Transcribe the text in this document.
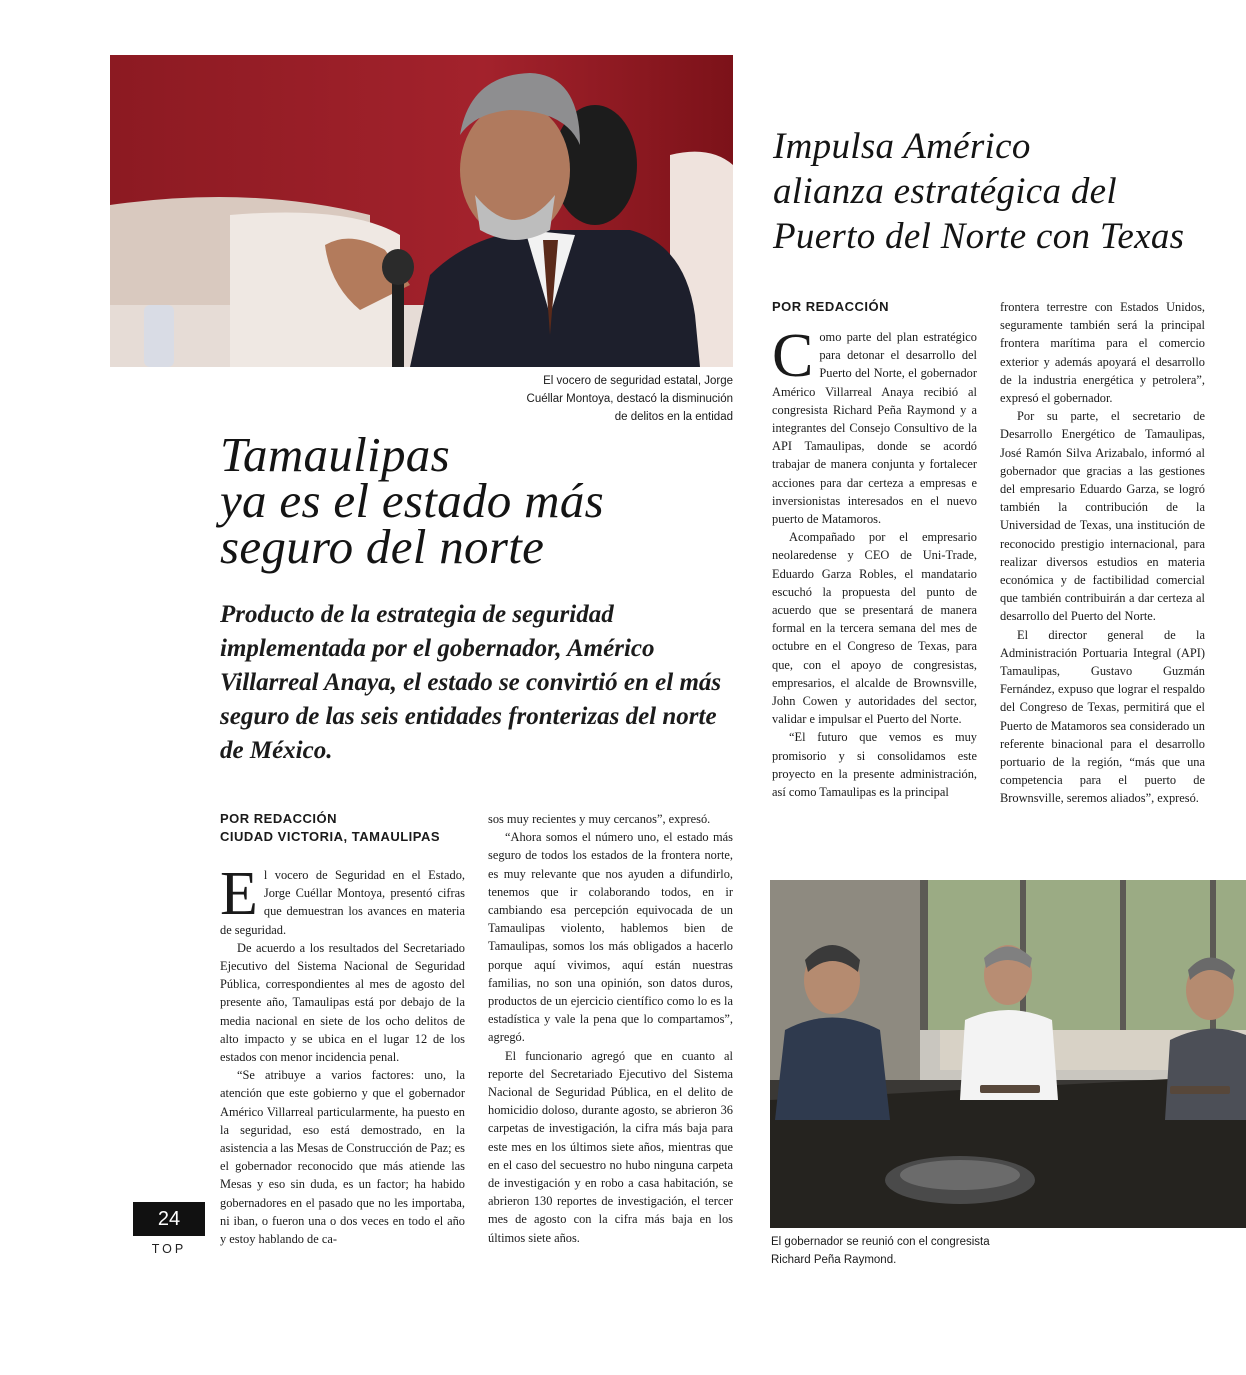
El vocero de seguridad estatal, Jorge
Cuéllar Montoya, destacó la disminución
de delitos en la entidad
Tamaulipas
ya es el estado más
seguro del norte
Producto de la estrategia de seguridad implementada por el gobernador, Américo Villarreal Anaya, el estado se convirtió en el más seguro de las seis entidades fronterizas del norte de México.
POR REDACCIÓN
CIUDAD VICTORIA, TAMAULIPAS

El vocero de Seguridad en el Estado, Jorge Cuéllar Montoya, presentó cifras que demuestran los avances en materia de seguridad.

De acuerdo a los resultados del Secretariado Ejecutivo del Sistema Nacional de Seguridad Pública, correspondientes al mes de agosto del presente año, Tamaulipas está por debajo de la media nacional en siete de los ocho delitos de alto impacto y se ubica en el lugar 12 de los estados con menor incidencia penal.

“Se atribuye a varios factores: uno, la atención que este gobierno y que el gobernador Américo Villarreal particularmente, ha puesto en la seguridad, eso está demostrado, en la asistencia a las Mesas de Construcción de Paz; es el gobernador reconocido que más atiende las Mesas y eso sin duda, es un factor; ha habido gobernadores en el pasado que no les importaba, ni iban, o fueron una o dos veces en todo el año y estoy hablando de ca-

sos muy recientes y muy cercanos”, expresó.

“Ahora somos el número uno, el estado más seguro de todos los estados de la frontera norte, es muy relevante que nos ayuden a difundirlo, tenemos que ir colaborando todos, en ir cambiando esa percepción equivocada de un Tamaulipas violento, hablemos bien de Tamaulipas, somos los más obligados a hacerlo porque aquí vivimos, aquí están nuestras familias, no son una opinión, son datos duros, productos de un ejercicio científico como lo es la estadística y vale la pena que lo compartamos”, agregó.

El funcionario agregó que en cuanto al reporte del Secretariado Ejecutivo del Sistema Nacional de Seguridad Pública, en el delito de homicidio doloso, durante agosto, se abrieron 36 carpetas de investigación, la cifra más baja para este mes en los últimos siete años, mientras que en el caso del secuestro no hubo ninguna carpeta de investigación y en robo a casa habitación, se abrieron 130 reportes de investigación, el tercer mes de agosto con la cifra más baja en los últimos siete años.

24
TOP
Impulsa Américo
alianza estratégica del
Puerto del Norte con Texas
POR REDACCIÓN

Como parte del plan estratégico para detonar el desarrollo del Puerto del Norte, el gobernador Américo Villarreal Anaya recibió al congresista Richard Peña Raymond y a integrantes del Consejo Consultivo de la API Tamaulipas, donde se acordó trabajar de manera conjunta y fortalecer acciones para dar certeza a empresas e inversionistas interesados en el nuevo puerto de Matamoros.

Acompañado por el empresario neolaredense y CEO de Uni-Trade, Eduardo Garza Robles, el mandatario escuchó la propuesta del punto de acuerdo que se presentará de manera formal en la tercera semana del mes de octubre en el Congreso de Texas, para que, con el apoyo de congresistas, empresarios, el alcalde de Brownsville, John Cowen y autoridades del sector, validar e impulsar el Puerto del Norte.

“El futuro que vemos es muy promisorio y si consolidamos este proyecto en la presente administración, así como Tamaulipas es la principal

frontera terrestre con Estados Unidos, seguramente también será la principal frontera marítima para el comercio exterior y además apoyará el desarrollo de la industria energética y petrolera”, expresó el gobernador.

Por su parte, el secretario de Desarrollo Energético de Tamaulipas, José Ramón Silva Arizabalo, informó al gobernador que gracias a las gestiones del empresario Eduardo Garza, se logró también la contribución de la Universidad de Texas, una institución de reconocido prestigio internacional, para realizar diversos estudios en materia económica y de factibilidad comercial que también contribuirán a dar certeza al desarrollo del Puerto del Norte.

El director general de la Administración Portuaria Integral (API) Tamaulipas, Gustavo Guzmán Fernández, expuso que lograr el respaldo del Congreso de Texas, permitirá que el Puerto de Matamoros sea considerado un referente binacional para el desarrollo portuario de la región, “más que una competencia para el puerto de Brownsville, seremos aliados”, expresó.

El gobernador se reunió con el congresista
Richard Peña Raymond.
